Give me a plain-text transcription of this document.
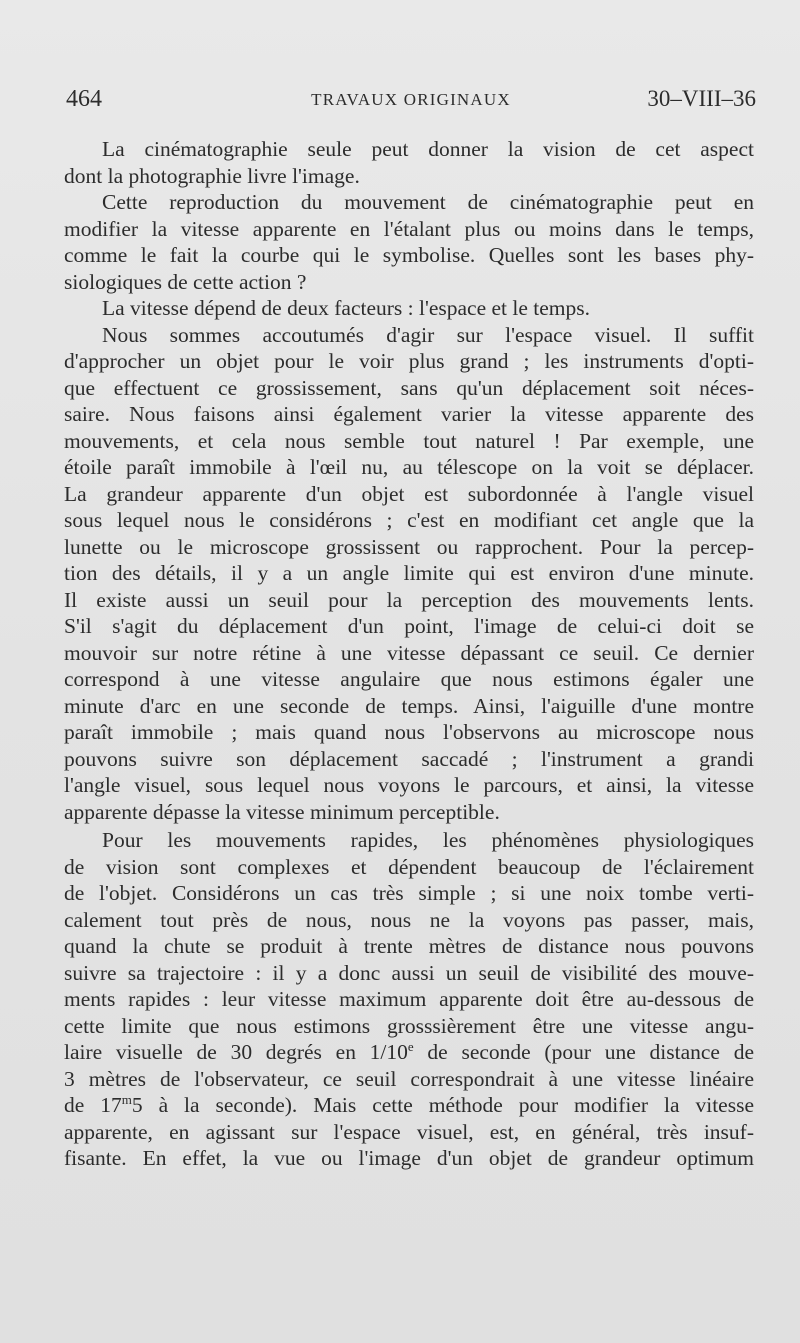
464	TRAVAUX ORIGINAUX	30–VIII–36
La cinématographie seule peut donner la vision de cet aspect
dont la photographie livre l'image.
Cette reproduction du mouvement de cinématographie peut en
modifier la vitesse apparente en l'étalant plus ou moins dans le temps,
comme le fait la courbe qui le symbolise. Quelles sont les bases phy-
siologiques de cette action ?
La vitesse dépend de deux facteurs : l'espace et le temps.
Nous sommes accoutumés d'agir sur l'espace visuel. Il suffit
d'approcher un objet pour le voir plus grand ; les instruments d'opti-
que effectuent ce grossissement, sans qu'un déplacement soit néces-
saire. Nous faisons ainsi également varier la vitesse apparente des
mouvements, et cela nous semble tout naturel ! Par exemple, une
étoile paraît immobile à l'œil nu, au télescope on la voit se déplacer.
La grandeur apparente d'un objet est subordonnée à l'angle visuel
sous lequel nous le considérons ; c'est en modifiant cet angle que la
lunette ou le microscope grossissent ou rapprochent. Pour la percep-
tion des détails, il y a un angle limite qui est environ d'une minute.
Il existe aussi un seuil pour la perception des mouvements lents.
S'il s'agit du déplacement d'un point, l'image de celui-ci doit se
mouvoir sur notre rétine à une vitesse dépassant ce seuil. Ce dernier
correspond à une vitesse angulaire que nous estimons égaler une
minute d'arc en une seconde de temps. Ainsi, l'aiguille d'une montre
paraît immobile ; mais quand nous l'observons au microscope nous
pouvons suivre son déplacement saccadé ; l'instrument a grandi
l'angle visuel, sous lequel nous voyons le parcours, et ainsi, la vitesse
apparente dépasse la vitesse minimum perceptible.
Pour les mouvements rapides, les phénomènes physiologiques
de vision sont complexes et dépendent beaucoup de l'éclairement
de l'objet. Considérons un cas très simple ; si une noix tombe verti-
calement tout près de nous, nous ne la voyons pas passer, mais,
quand la chute se produit à trente mètres de distance nous pouvons
suivre sa trajectoire : il y a donc aussi un seuil de visibilité des mouve-
ments rapides : leur vitesse maximum apparente doit être au-dessous de
cette limite que nous estimons grosssièrement être une vitesse angu-
laire visuelle de 30 degrés en 1/10e de seconde (pour une distance de
3 mètres de l'observateur, ce seuil correspondrait à une vitesse linéaire
de 17$^m$5 à la seconde). Mais cette méthode pour modifier la vitesse
apparente, en agissant sur l'espace visuel, est, en général, très insuf-
fisante. En effet, la vue ou l'image d'un objet de grandeur optimum
